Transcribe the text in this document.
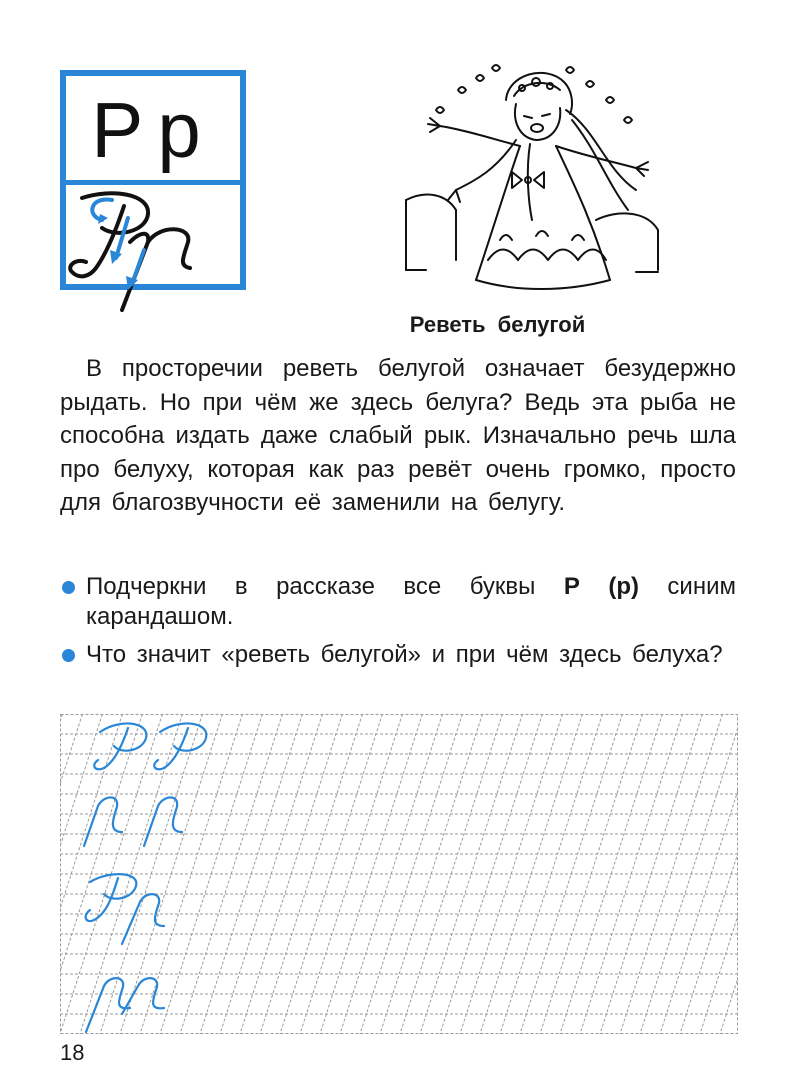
Рр
Реветь белугой
В просторечии реветь белугой означает безудержно рыдать. Но при чём же здесь белуга? Ведь эта рыба не способна издать даже слабый рык. Изначально речь шла про белуху, которая как раз ревёт очень громко, просто для благозвучности её заменили на белугу.
Подчеркни в рассказе все буквы Р (р) синим карандашом.
Что значит «реветь белугой» и при чём здесь белуха?
18
